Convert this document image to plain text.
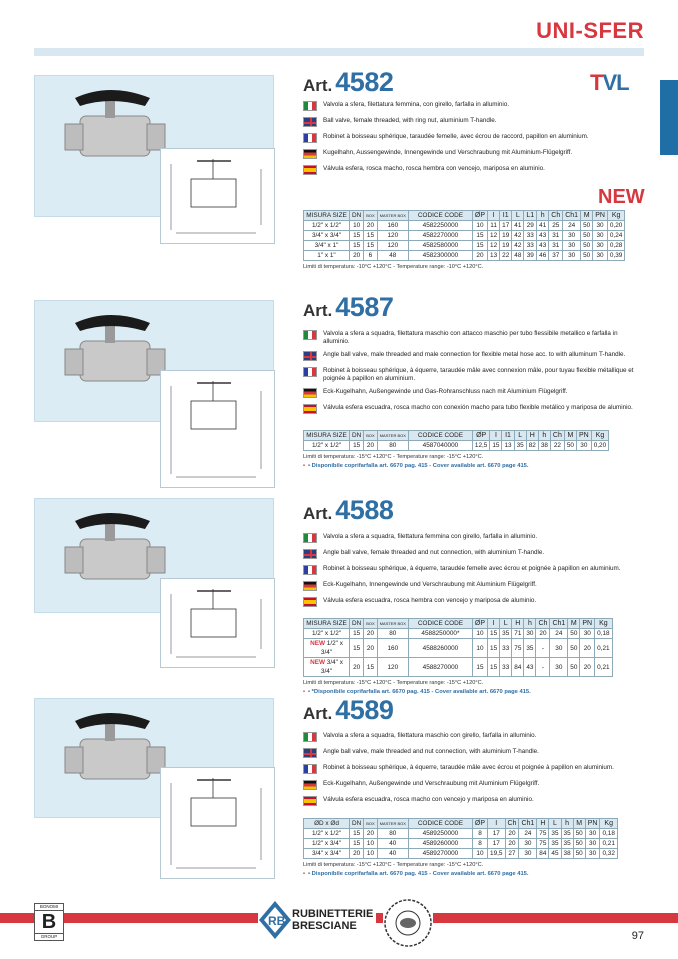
UNI-SFER
TVL
NEW
Art. 4582
Valvola a sfera, filettatura femmina, con girello, farfalla in alluminio.
Ball valve, female threaded, with ring nut, aluminium T-handle.
Robinet à boisseau sphérique, taraudée femelle, avec écrou de raccord, papillon en aluminium.
Kugelhahn, Aussengewinde, Innengewinde und Verschraubung mit Aluminium-Flügelgriff.
Válvula esfera, rosca macho, rosca hembra con vencejo, mariposa en aluminio.
MISURA SIZE	DN	BOX	MASTER BOX	CODICE CODE	ØP	I	I1	L	L1	h	Ch	Ch1	M	PN	Kg
1/2" x 1/2"	10	20	160	4582250000	10	11	17	41	29	41	25	24	50	30	0,20
3/4" x 3/4"	15	15	120	4582270000	15	12	19	42	33	43	31	30	50	30	0,24
3/4" x 1"	15	15	120	4582580000	15	12	19	42	33	43	31	30	50	30	0,28
1" x 1"	20	6	48	4582300000	20	13	22	48	39	46	37	30	50	30	0,39
Limiti di temperatura: -10°C +120°C - Temperature range: -10°C +120°C.
Art. 4587
Valvola a sfera a squadra, filettatura maschio con attacco maschio per tubo flessibile metallico e farfalla in alluminio.
Angle ball valve, male threaded and male connection for flexible metal hose acc. to with alluminum T-handle.
Robinet à boisseau sphérique, à équerre, taraudée mâle avec connexion mâle, pour tuyau flexible métallique et poignée à papillon en aluminium.
Eck-Kugelhahn, Außengewinde und Gas-Rohranschluss nach mit Aluminium Flügelgriff.
Válvula esfera escuadra, rosca macho con conexión macho para tubo flexible metálico y mariposa de aluminio.
MISURA SIZE	DN	BOX	MASTER BOX	CODICE CODE	ØP	I	I1	L	H	h	Ch	M	PN	Kg
1/2" x 1/2"	15	20	80	4587040000	12,5	15	13	35	82	38	22	50	30	0,20
Limiti di temperatura: -15°C +120°C - Temperature range: -15°C +120°C.
• • Disponibile coprifarfalla art. 6670 pag. 415 - Cover available art. 6670 page 415.
Art. 4588
Valvola a sfera a squadra, filettatura femmina con girello, farfalla in alluminio.
Angle ball valve, female threaded and nut connection, with aluminium T-handle.
Robinet à boisseau sphérique, à équerre, taraudée femelle avec écrou et poignée à papillon en aluminium.
Eck-Kugelhahn, Innengewinde und Verschraubung mit Aluminium Flügelgriff.
Válvula esfera escuadra, rosca hembra con vencejo y mariposa de aluminio.
MISURA SIZE	DN	BOX	MASTER BOX	CODICE CODE	ØP	I	L	H	h	Ch	Ch1	M	PN	Kg
1/2" x 1/2"	15	20	80	4588250000*	10	15	35	71	30	20	24	50	30	0,18
NEW 1/2" x 3/4"	15	20	160	4588260000	10	15	33	75	35	-	30	50	20	0,21
NEW 3/4" x 3/4"	20	15	120	4588270000	15	15	33	84	43	-	30	50	20	0,21
Limiti di temperatura: -15°C +120°C - Temperature range: -15°C +120°C.
• • *Disponibile coprifarfalla art. 6670 pag. 415 - Cover available art. 6670 page 415.
Art. 4589
Valvola a sfera a squadra, filettatura maschio con girello, farfalla in alluminio.
Angle ball valve, male threaded and nut connection, with aluminium T-handle.
Robinet à boisseau sphérique, à équerre, taraudée mâle avec écrou et poignée à papillon en aluminium.
Eck-Kugelhahn, Außengewinde und Verschraubung mit Aluminium Flügelgriff.
Válvula esfera escuadra, rosca macho con vencejo y mariposa en aluminio.
ØD x Ød	DN	BOX	MASTER BOX	CODICE CODE	ØP	I	Ch	Ch1	H	L	h	M	PN	Kg
1/2" x 1/2"	15	20	80	4589250000	8	17	20	24	75	35	35	50	30	0,18
1/2" x 3/4"	15	10	40	4589260000	8	17	20	30	75	35	35	50	30	0,21
3/4" x 3/4"	20	10	40	4589270000	10	19,5	27	30	84	45	38	50	30	0,32
Limiti di temperatura: -15°C +120°C - Temperature range: -15°C +120°C.
• • Disponibile coprifarfalla art. 6670 pag. 415 - Cover available art. 6670 page 415.
BONOMI
B
GROUP
RB RUBINETTERIE
BRESCIANE
97
